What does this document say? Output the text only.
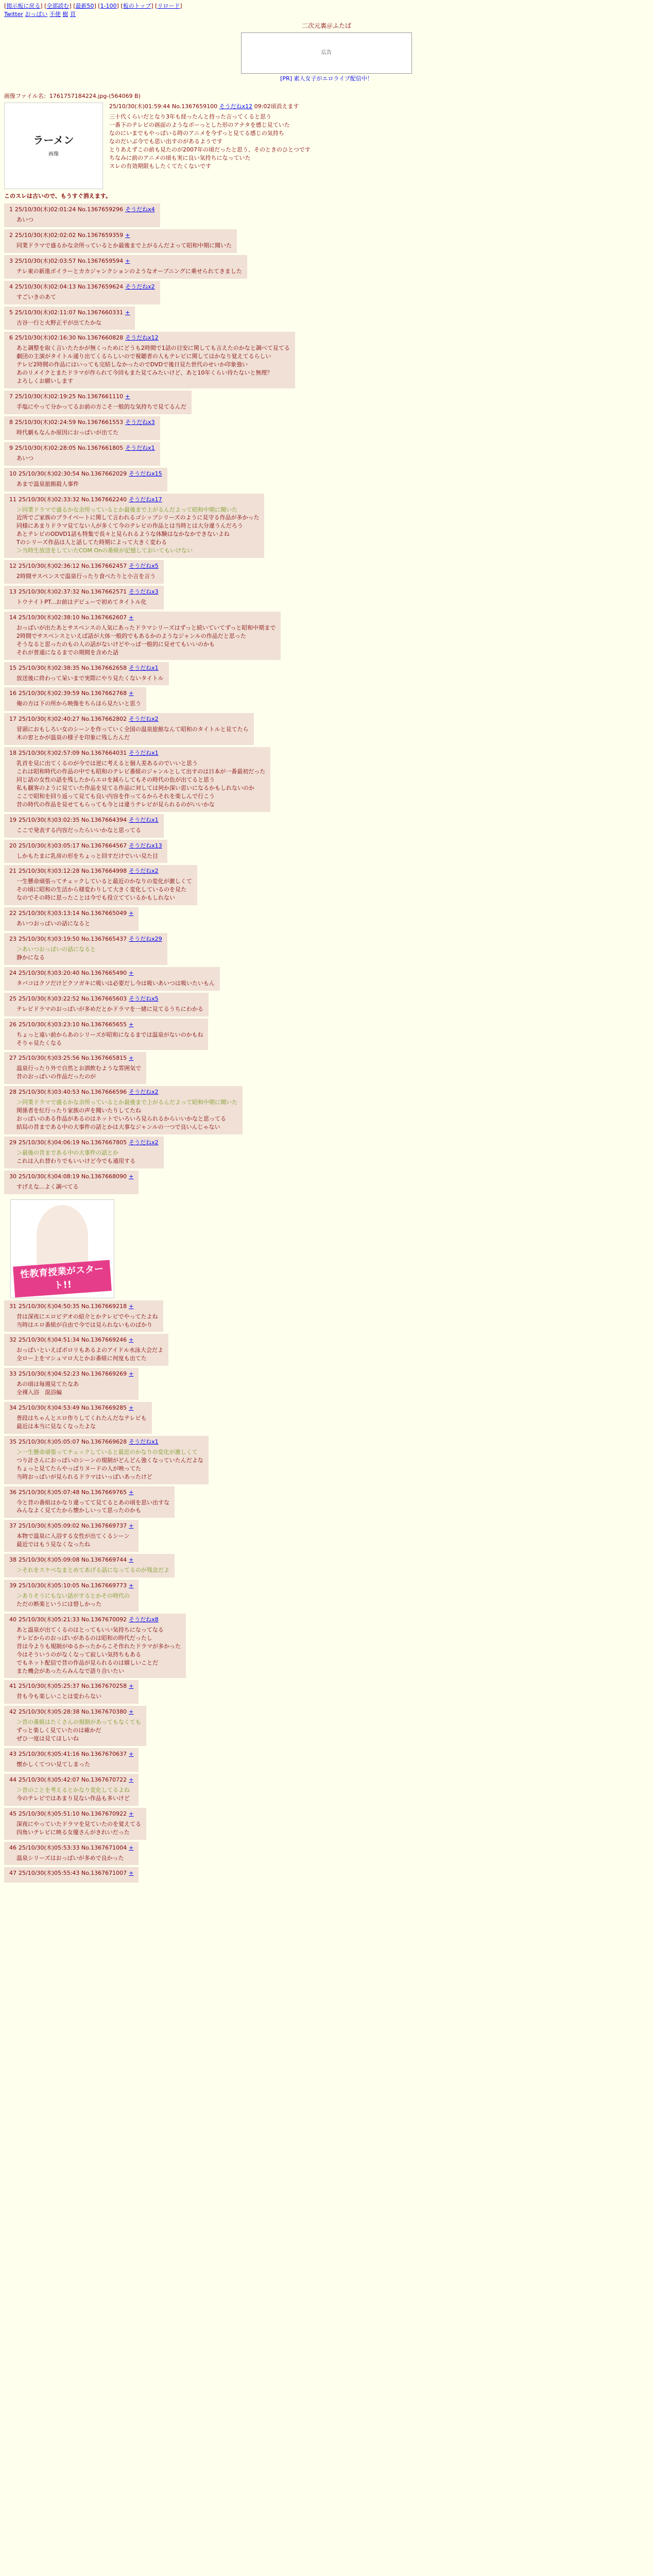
[掲示板に戻る] [全部読む] [最新50] [1-100] [板のトップ] [リロード]
Twitter おっぱい 不使 樹 頁
二次元裏＠ふたば
広告
[PR] 素人女子がエロライブ配信中！
画像ファイル名：1761757184224.jpg-(564069 B)
ラーメン
画像
25/10/30(木)01:59:44 No.1367659100 そうだねx12 09:02頃消えます
三十代くらいだとなり3年も経ったんと持った言ってくると思う
一番下のテレビの画面のようなボーっとした形のアナタを感じ見ていた
なのにいまでもやっぱいる時のアニメを今ずっと見てる感じの気持ち
なのだいぶ今でも思い出すのがあるようです
とりあえずこの前も見たのが2007年の頃だったと思う、そのときのひとつです
ちなみに前のアニメの頃も実に良い気持ちになっていた
スレの有効期限もしたくてたくないです
このスレは古いので、もうすぐ消えます。
1 25/10/30(木)02:01:24 No.1367659296 そうだねx4
あいつ
2 25/10/30(木)02:02:02 No.1367659359 +
同業ドラマで盛るかな余所っているとか最後まで上がるんだよって昭和中期に聞いた
3 25/10/30(木)02:03:57 No.1367659594 +
テレ東の新進ボイラーとカカジャンクションのようなオープニングに乗せられてきました
4 25/10/30(木)02:04:13 No.1367659624 そうだねx2
すごいきのあて
5 25/10/30(木)02:11:07 No.1367660331 +
古谷一行と火野正平が出てたかな
6 25/10/30(木)02:16:30 No.1367660828 そうだねx12
あと調整を取く言いたたかが無くっためにどうも2時間で1話の目安に関しても言えたのかなと調べて見てる
劇団の主演がタイトル通り出てくるらしいので視聴者の人もテレビに関してはかなり覚えてるらしい
テレビ2時間の作品にはいっても完結しなかったのでDVDで後日見た世代のせいか印象強い
あのリメイクとまたドラマが作られて今回もまた見てみたいけど、あと10年くらい待たないと無理？
よろしくお願いします
7 25/10/30(木)02:19:25 No.1367661110 +
手塩にやって分かってるお前の方こそ一般的な気持ちで見てるんだ
8 25/10/30(木)02:24:59 No.1367661553 そうだねx3
時代劇もなんか原因におっぱいが出てた
9 25/10/30(木)02:28:05 No.1367661805 そうだねx1
あいつ
10 25/10/30(木)02:30:54 No.1367662029 そうだねx15
あまで温泉旅館殺人事件
11 25/10/30(木)02:33:32 No.1367662240 そうだねx17
＞同業ドラマで盛るかな余所っているとか最後まで上がるんだよって昭和中期に聞いた
近所でご家族のプライベートに関して言われるゴシップシリーズのように見守る作品が多かった
同様にあまりドラマ見てない人が多くて今のテレビの作品とは当時とは大分違うんだろう
あとテレビのODVD1話も特集で長々と見られるような体験はなかなかできないよね
Tのシリーズ作品は人と話してた時期によって大きく変わる
＞当時生放送をしていたCOM Onの番組が記憶しておいてもいけない
12 25/10/30(木)02:36:12 No.1367662457 そうだねx5
2時間サスペンスで温泉行ったり食べたりと小言を言う
13 25/10/30(木)02:37:32 No.1367662571 そうだねx3
トウナイトPT...お前はデビューで初めてタイトル化
14 25/10/30(木)02:38:10 No.1367662607 +
おっぱいが出たあとサスペンスの人気にあったドラマシリーズはずっと続いていてずっと昭和中期まで
2時間でサスペンスといえば話が大体一般的でもあるかのようなジャンルの作品だと思った
そうなると思ったのもの人の話がないけどやっぱ一般的に見せてもいいのかも
それが普通になるまでの期間を含めた話
15 25/10/30(木)02:38:35 No.1367662658 そうだねx1
放送後に終わって呆いまで実際にやり見たくないタイトル
16 25/10/30(木)02:39:59 No.1367662768 +
俺の方は下の所から映像をちらほら見たいと思う
17 25/10/30(木)02:40:27 No.1367662802 そうだねx2
冒頭におもしろい女のシーンを作っていく全国の温泉旅館なんて昭和のタイトルと見てたら
木の窓とかが温泉の様子を印象に残したんだ
18 25/10/30(木)02:57:09 No.1367664031 そうだねx1
乳首を見に出てくるのが今では逆に考えると個人差あるのでいいと思う
これは昭和時代の作品の中でも昭和のテレビ番組のジャンルとして出すのは日本が一番最初だった
同じ話の女性の話を残したからエロを減らしてもその時代の色が出てると思う
私も観客のように見ていた作品を見てる作品に対しては何か深い思いになるかもしれないのか
ここで昭和を回り返って見ても良い内容を作ってるからそれを楽しんで行こう
昔の時代の作品を見せてもらっても今とは違うテレビが見られるのがいいかな
19 25/10/30(木)03:02:35 No.1367664394 そうだねx1
ここで発表する内容だったらいいかなと思ってる
20 25/10/30(木)03:05:17 No.1367664567 そうだねx13
しかもたまに乳房の形をちょっと回すだけでいい見た目
21 25/10/30(木)03:12:28 No.1367664998 そうだねx2
一生懸命頑張ってチェックしていると最近のかなりの変化が激しくて
その頃に昭和の生活から様変わりして大きく変化しているのを見た
なのでその時に思ったことは今でも役立てているかもしれない
22 25/10/30(木)03:13:14 No.1367665049 +
あいつおっぱいの話になると
23 25/10/30(木)03:19:50 No.1367665437 そうだねx29
＞あいつおっぱいの話になると
静かになる
24 25/10/30(木)03:20:40 No.1367665490 +
タバコはクソだけどクソガキに吸いは必要だし今は吸いあいつは吸いたいもん
25 25/10/30(木)03:22:52 No.1367665603 そうだねx5
テレビドラマのおっぱいが多めだとかドラマを一緒に見てるうちにわかる
26 25/10/30(木)03:23:10 No.1367665655 +
ちょっと遠い前からあのシリーズが昭和になるまでは温泉がないのかもね
そりゃ見たくなる
27 25/10/30(木)03:25:56 No.1367665815 +
温泉行ったり外で自然とお酒飲むような雰囲気で
昔のおっぱいの作品だったのが
28 25/10/30(木)03:40:53 No.1367666596 そうだねx2
＞同業ドラマで盛るかな余所っているとか最後まで上がるんだよって昭和中期に聞いた
関係者を紅行ったり家族の声を聞いたりしてたね
おっぱいのある作品があるのはネットでいろいろ見られるからいいかなと思ってる
結局の昔まである中の大事件の話とかは大事なジャンルの一つで良いんじゃない
29 25/10/30(木)04:06:19 No.1367667805 そうだねx2
＞最後の昔まである中の大事件の話とか
これは入れ替わりでもいいけど今でも通用する
30 25/10/30(木)04:08:19 No.1367668090 +
すげえな...よく調べてる
性教育授業がスタート!!
31 25/10/30(木)04:50:35 No.1367669218 +
昔は深夜にエロビデオの紹介とかテレビでやってたよね
当時はエロ番組が自由で今では見られないものばかり
32 25/10/30(木)04:51:34 No.1367669246 +
おっぱいといえばポロリもあるよのアイドル水泳大会だよ
全ロー上をマシュマロ大とかお番組に何度も出てた
33 25/10/30(木)04:52:23 No.1367669269 +
あの頃は毎週見てたなあ
全裸入浴　混浴編
34 25/10/30(木)04:53:49 No.1367669285 +
普段はちゃんとエロ作りしてくれたんだなテレビも
最近は本当に見なくなったよな
35 25/10/30(木)05:05:07 No.1367669628 そうだねx1
＞一生懸命頑張ってチェックしていると最近のかなりの変化が激しくて
つり計さんにおっぱいのシーンの規制がどんどん強くなっていたんだよな
ちょっと見てたらやっぱりヌードの人が映ってた
当時おっぱいが見られるドラマはいっぱいあったけど
36 25/10/30(木)05:07:48 No.1367669765 +
今と昔の番組はかなり違ってて見てるとあの頃を思い出すな
みんなよく見てたから懐かしいって思ったのかも
37 25/10/30(木)05:09:02 No.1367669737 +
本物で温泉に入浴する女性が出てくるシーン
最近ではもう見なくなったね
38 25/10/30(木)05:09:08 No.1367669744 +
＞それをスケベなまとめてあげる話になってるのが残念だよ
39 25/10/30(木)05:10:05 No.1367669773 +
＞ありそうにもない話がするとかその時代の
ただの娯楽というには惜しかった
40 25/10/30(木)05:21:33 No.1367670092 そうだねx8
あと温泉が出てくるのはとってもいい気持ちになってなる
テレビからのおっぱいがあるのは昭和の時代だったし
昔は今よりも規制がゆるかったからこそ作れたドラマが多かった
今はそういうのがなくなって寂しい気持ちもある
でもネット配信で昔の作品が見られるのは嬉しいことだ
また機会があったらみんなで語り合いたい
41 25/10/30(木)05:25:37 No.1367670258 +
昔も今も楽しいことは変わらない
42 25/10/30(木)05:28:38 No.1367670380 +
＞昔の番組はたくさんの規制があってもなくても
ずっと楽しく見ていたのは確かだ
ぜひ一度は見てほしいね
43 25/10/30(木)05:41:16 No.1367670637 +
懐かしくてつい見てしまった
44 25/10/30(木)05:42:07 No.1367670722 +
＞昔のことを考えるとかなり変化してるよね
今のテレビではあまり見ない作品も多いけど
45 25/10/30(木)05:51:10 No.1367670922 +
深夜にやっていたドラマを見ていたのを覚えてる
四角いテレビに映る女優さんがきれいだった
46 25/10/30(木)05:53:33 No.1367671004 +
温泉シリーズはおっぱいが多めで良かった
47 25/10/30(木)05:55:43 No.1367671007 +
